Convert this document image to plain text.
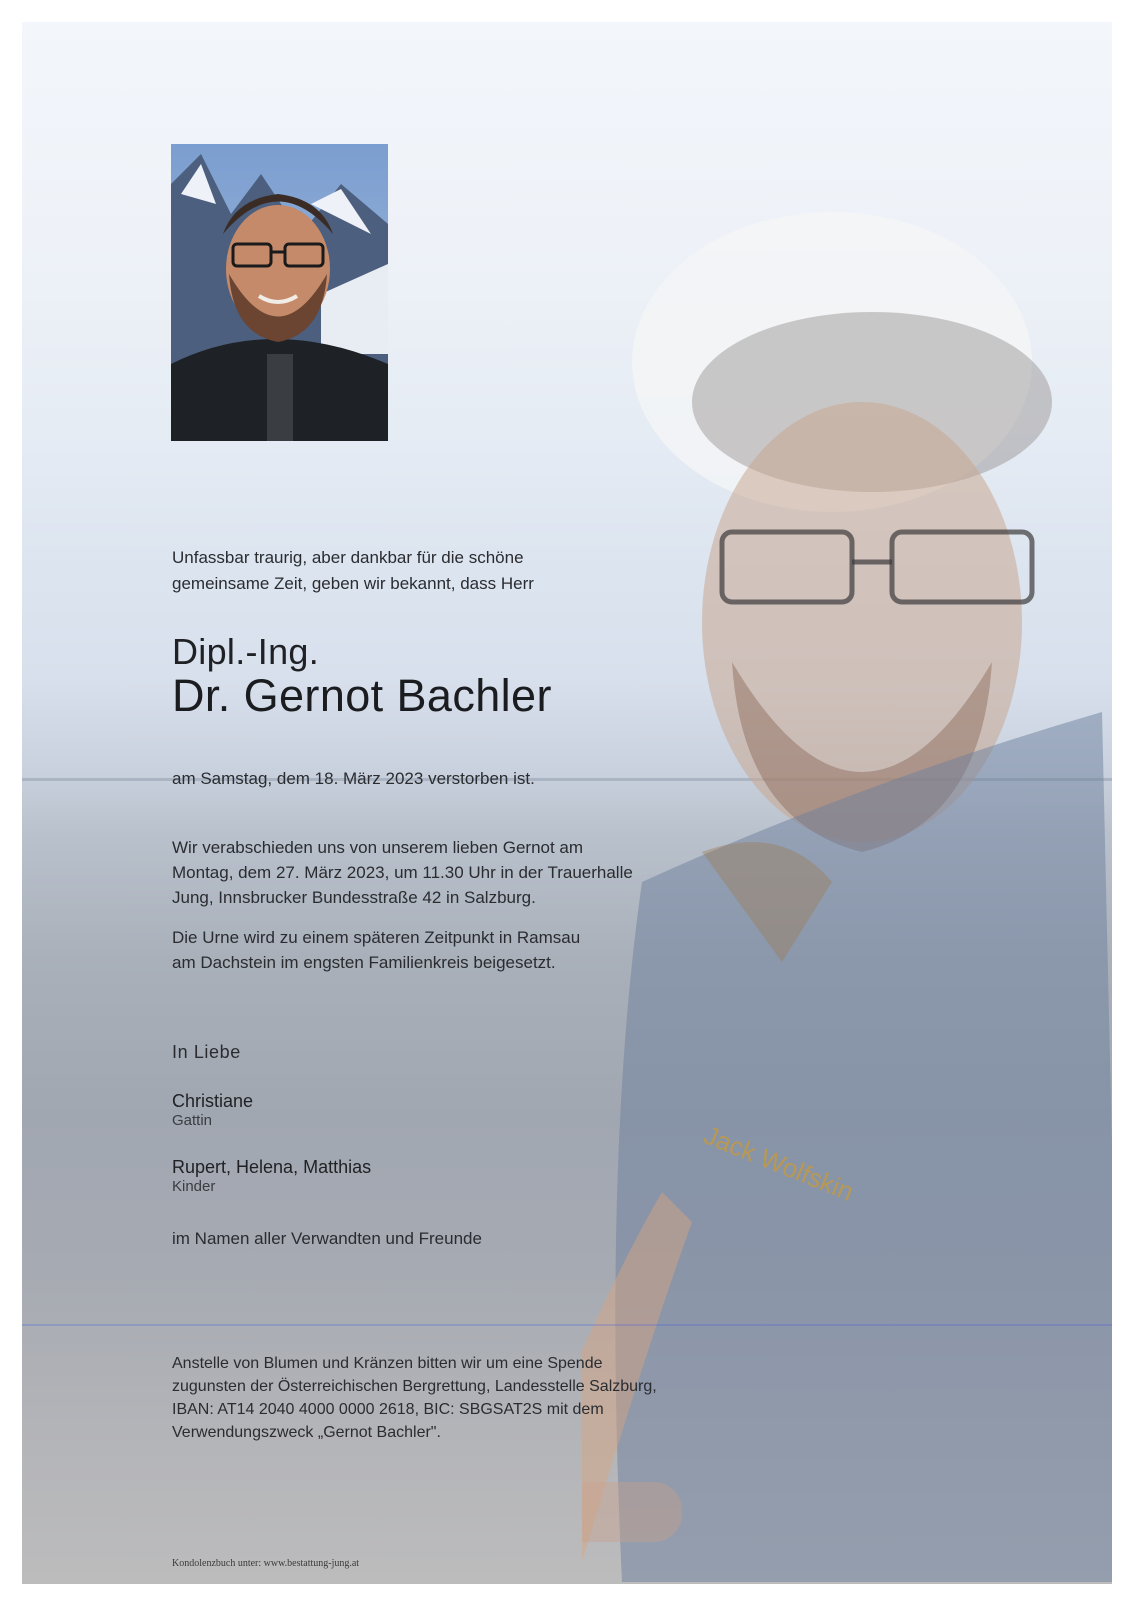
Jack Wolfskin
Unfassbar traurig, aber dankbar für die schöne
gemeinsame Zeit, geben wir bekannt, dass Herr
Dipl.-Ing.
Dr. Gernot Bachler
am Samstag, dem 18. März 2023 verstorben ist.
Wir verabschieden uns von unserem lieben Gernot am
Montag, dem 27. März 2023, um 11.30 Uhr in der Trauerhalle
Jung, Innsbrucker Bundesstraße 42 in Salzburg.
Die Urne wird zu einem späteren Zeitpunkt in Ramsau
am Dachstein im engsten Familienkreis beigesetzt.
In Liebe
Christiane
Gattin
Rupert, Helena, Matthias
Kinder
im Namen aller Verwandten und Freunde
Anstelle von Blumen und Kränzen bitten wir um eine Spende
zugunsten der Österreichischen Bergrettung, Landesstelle Salzburg,
IBAN: AT14 2040 4000 0000 2618, BIC: SBGSAT2S mit dem
Verwendungszweck „Gernot Bachler".
Kondolenzbuch unter: www.bestattung-jung.at
